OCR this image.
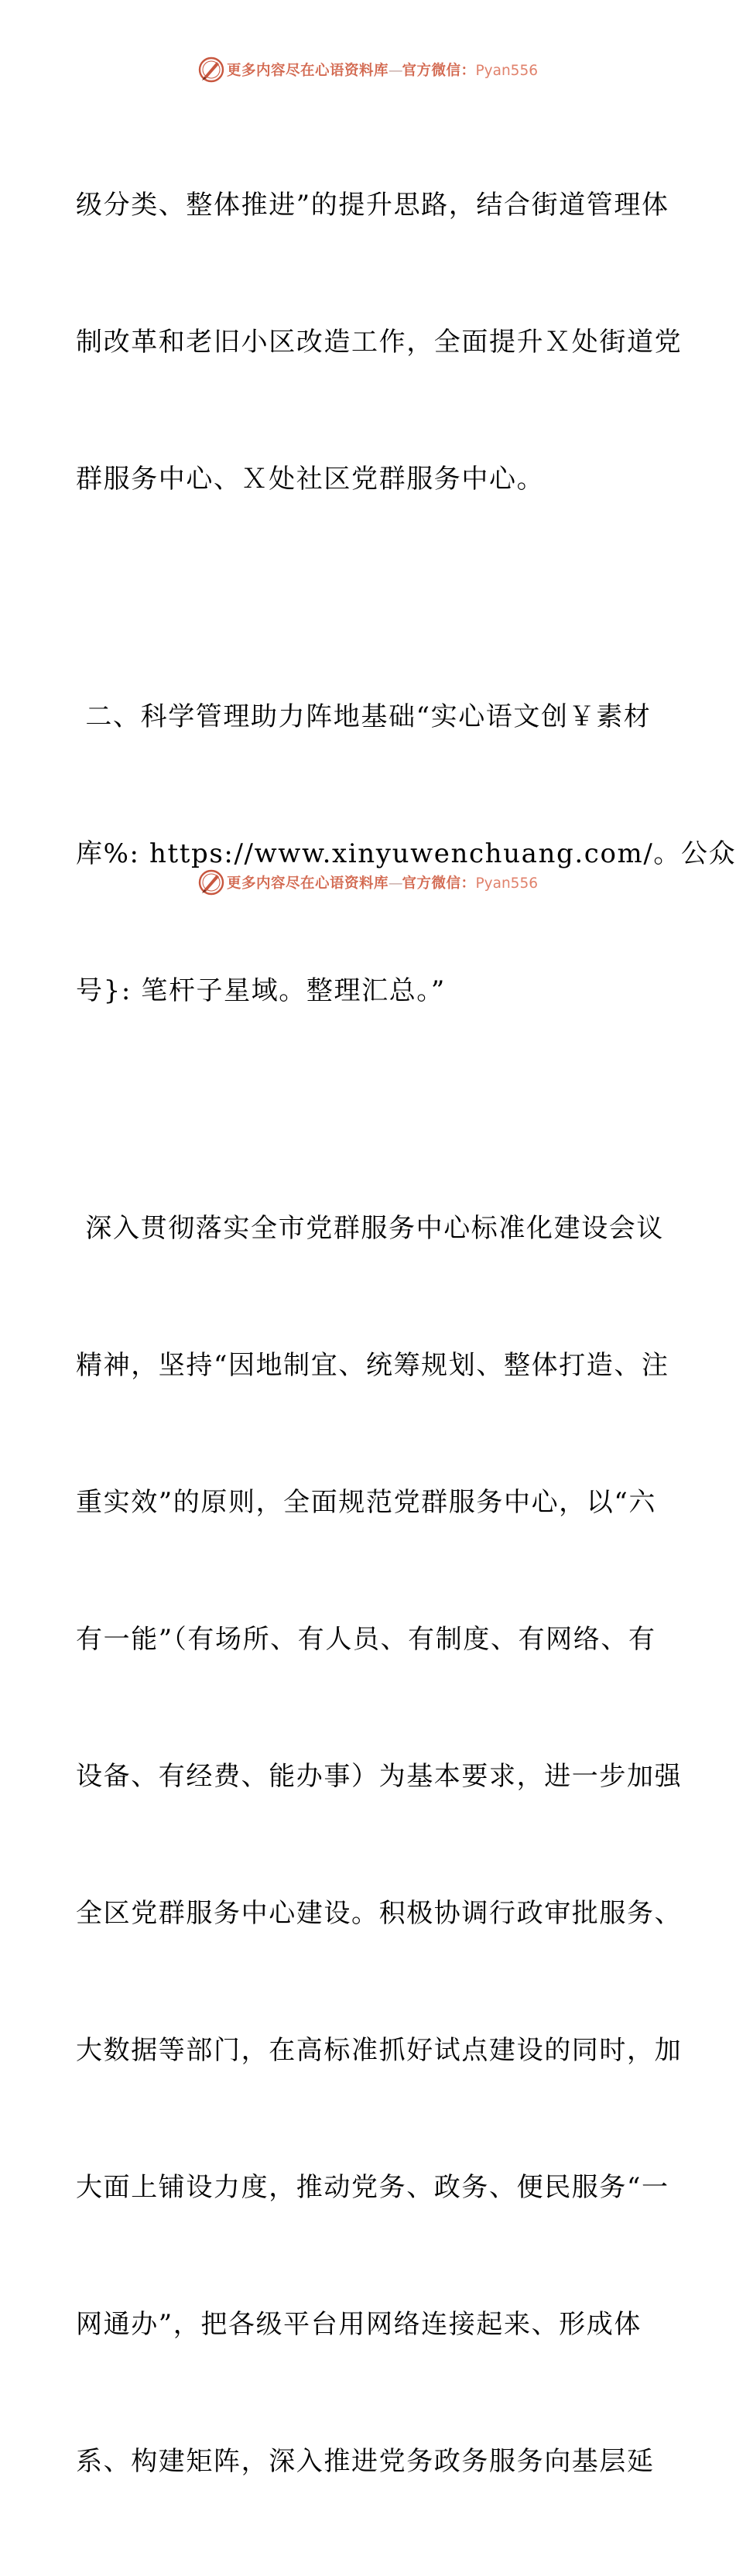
更多内容尽在心语资料库—官方微信：Pyan556

级分类、整体推进”的提升思路，结合街道管理体

制改革和老旧小区改造工作，全面提升Ｘ处街道党

群服务中心、Ｘ处社区党群服务中心。

二、科学管理助力阵地基础“实心语文创￥素材

库%: https://www.xinyuwenchuang.com/。公众

号}: 笔杆子星域。整理汇总。”

深入贯彻落实全市党群服务中心标准化建设会议

精神，坚持“因地制宜、统筹规划、整体打造、注

重实效”的原则，全面规范党群服务中心，以“六

有一能”（有场所、有人员、有制度、有网络、有

设备、有经费、能办事）为基本要求，进一步加强

全区党群服务中心建设。积极协调行政审批服务、

大数据等部门，在高标准抓好试点建设的同时，加

大面上铺设力度，推动党务、政务、便民服务“一

网通办”，把各级平台用网络连接起来、形成体

系、构建矩阵，深入推进党务政务服务向基层延

更多内容尽在心语资料库—官方微信：Pyan556
